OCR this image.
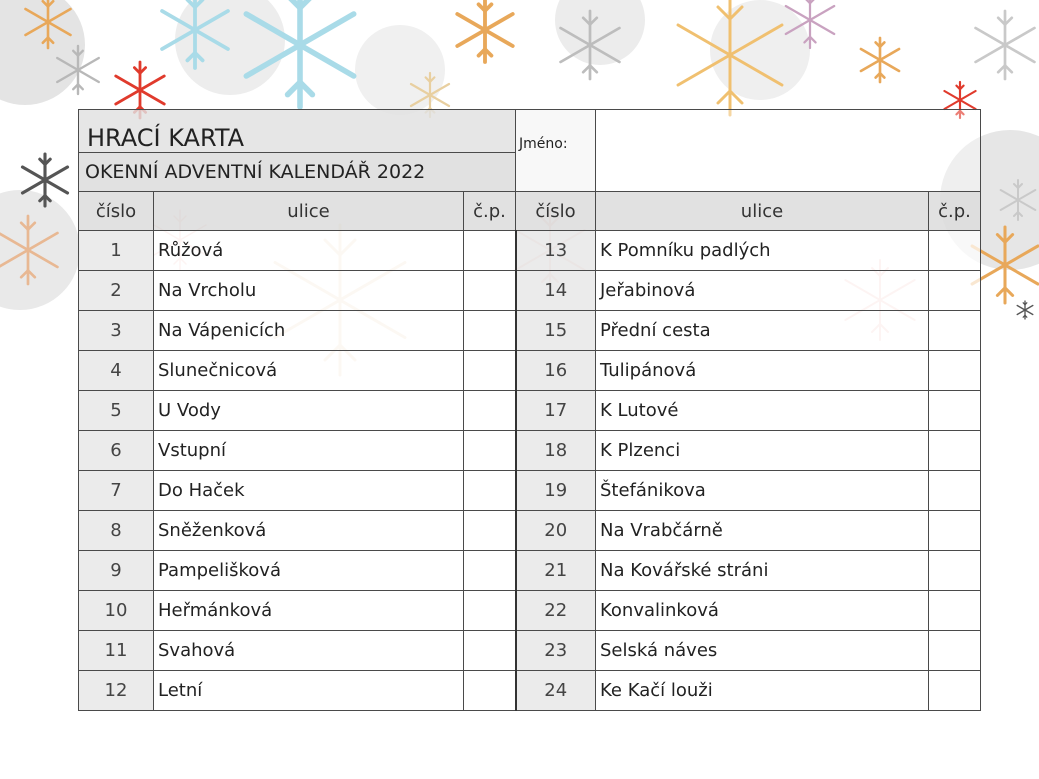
HRACÍ KARTA	Jméno:	
OKENNÍ ADVENTNÍ KALENDÁŘ 2022
číslo	ulice	č.p.	číslo	ulice	č.p.
1	Růžová		13	K Pomníku padlých	
2	Na Vrcholu		14	Jeřabinová	
3	Na Vápenicích		15	Přední cesta	
4	Slunečnicová		16	Tulipánová	
5	U Vody		17	K Lutové	
6	Vstupní		18	K Plzenci	
7	Do Haček		19	Štefánikova	
8	Sněženková		20	Na Vrabčárně	
9	Pampelišková		21	Na Kovářské stráni	
10	Heřmánková		22	Konvalinková	
11	Svahová		23	Selská náves	
12	Letní		24	Ke Kačí louži	
